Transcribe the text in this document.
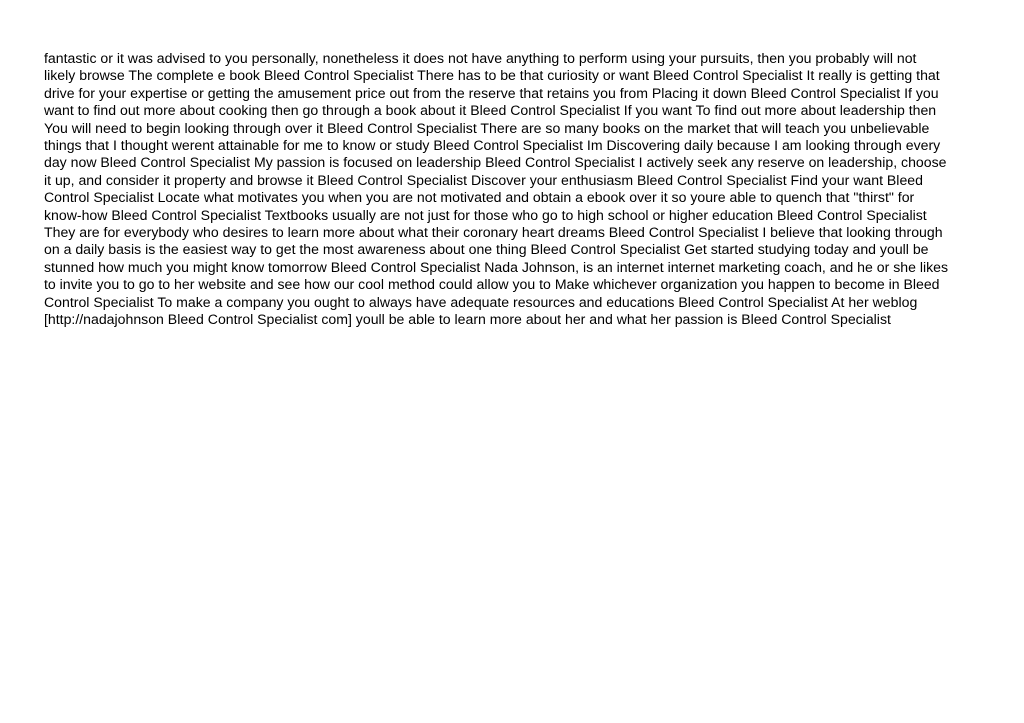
fantastic or it was advised to you personally, nonetheless it does not have anything to perform using your pursuits, then you probably will not
likely browse The complete e book Bleed Control Specialist There has to be that curiosity or want Bleed Control Specialist It really is getting that
drive for your expertise or getting the amusement price out from the reserve that retains you from Placing it down Bleed Control Specialist If you
want to find out more about cooking then go through a book about it Bleed Control Specialist If you want To find out more about leadership then
You will need to begin looking through over it Bleed Control Specialist There are so many books on the market that will teach you unbelievable
things that I thought werent attainable for me to know or study Bleed Control Specialist Im Discovering daily because I am looking through every
day now Bleed Control Specialist My passion is focused on leadership Bleed Control Specialist I actively seek any reserve on leadership, choose
it up, and consider it property and browse it Bleed Control Specialist Discover your enthusiasm Bleed Control Specialist Find your want Bleed
Control Specialist Locate what motivates you when you are not motivated and obtain a ebook over it so youre able to quench that "thirst" for
know-how Bleed Control Specialist Textbooks usually are not just for those who go to high school or higher education Bleed Control Specialist
They are for everybody who desires to learn more about what their coronary heart dreams Bleed Control Specialist I believe that looking through
on a daily basis is the easiest way to get the most awareness about one thing Bleed Control Specialist Get started studying today and youll be
stunned how much you might know tomorrow Bleed Control Specialist Nada Johnson, is an internet internet marketing coach, and he or she likes
to invite you to go to her website and see how our cool method could allow you to Make whichever organization you happen to become in Bleed
Control Specialist To make a company you ought to always have adequate resources and educations Bleed Control Specialist At her weblog
[http://nadajohnson Bleed Control Specialist com] youll be able to learn more about her and what her passion is Bleed Control Specialist
